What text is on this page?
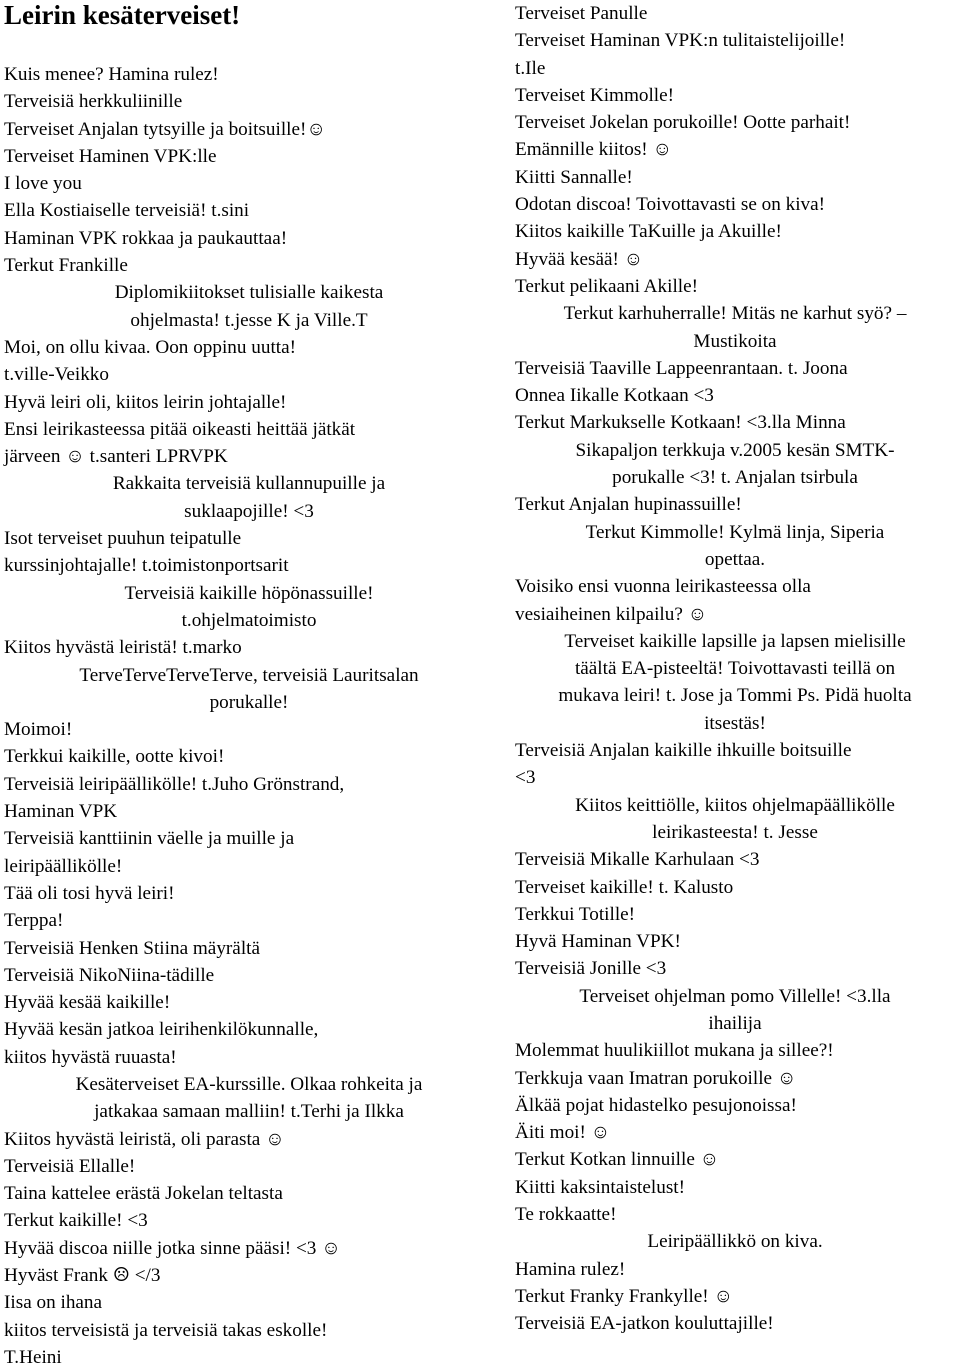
Leirin kesäterveiset!
Kuis menee? Hamina rulez!
Terveisiä herkkuliinille
Terveiset Anjalan tytsyille ja boitsuille!☺
Terveiset Haminen VPK:lle
I love you
Ella Kostiaiselle terveisiä! t.sini
Haminan VPK rokkaa ja paukauttaa!
Terkut Frankille
Diplomikiitokset tulisialle kaikesta
ohjelmasta! t.jesse K ja Ville.T
Moi, on ollu kivaa. Oon oppinu uutta!
t.ville-Veikko
Hyvä leiri oli, kiitos leirin johtajalle!
Ensi leirikasteessa pitää oikeasti heittää jätkät
järveen ☺ t.santeri LPRVPK
Rakkaita terveisiä kullannupuille ja
suklaapojille! <3
Isot terveiset puuhun teipatulle
kurssinjohtajalle! t.toimistonportsarit
Terveisiä kaikille höpönassuille!
t.ohjelmatoimisto
Kiitos hyvästä leiristä! t.marko
TerveTerveTerveTerve, terveisiä Lauritsalan
porukalle!
Moimoi!
Terkkui kaikille, ootte kivoi!
Terveisiä leiripäällikölle! t.Juho Grönstrand,
Haminan VPK
Terveisiä kanttiinin väelle ja muille ja
leiripäällikölle!
Tää oli tosi hyvä leiri!
Terppa!
Terveisiä Henken Stiina mäyrältä
Terveisiä NikoNiina-tädille
Hyvää kesää kaikille!
Hyvää kesän jatkoa leirihenkilökunnalle,
kiitos hyvästä ruuasta!
Kesäterveiset EA-kurssille. Olkaa rohkeita ja
jatkakaa samaan malliin! t.Terhi ja Ilkka
Kiitos hyvästä leiristä, oli parasta ☺
Terveisiä Ellalle!
Taina kattelee erästä Jokelan teltasta
Terkut kaikille! <3
Hyvää discoa niille jotka sinne pääsi! <3 ☺
Hyväst Frank ☹ </3
Iisa on ihana
kiitos terveisistä ja terveisiä takas eskolle!
T.Heini
Terveiset Panulle
Terveiset Haminan VPK:n tulitaistelijoille!
t.Ile
Terveiset Kimmolle!
Terveiset Jokelan porukoille! Ootte parhait!
Emännille kiitos! ☺
Kiitti Sannalle!
Odotan discoa! Toivottavasti se on kiva!
Kiitos kaikille TaKuille ja Akuille!
Hyvää kesää! ☺
Terkut pelikaani Akille!
Terkut karhuherralle! Mitäs ne karhut syö? –
Mustikoita
Terveisiä Taaville Lappeenrantaan. t. Joona
Onnea Iikalle Kotkaan <3
Terkut Markukselle Kotkaan! <3.lla Minna
Sikapaljon terkkuja v.2005 kesän SMTK-
porukalle <3! t. Anjalan tsirbula
Terkut Anjalan hupinassuille!
Terkut Kimmolle! Kylmä linja, Siperia
opettaa.
Voisiko ensi vuonna leirikasteessa olla
vesiaiheinen kilpailu? ☺
Terveiset kaikille lapsille ja lapsen mielisille
täältä EA-pisteeltä! Toivottavasti teillä on
mukava leiri! t. Jose ja Tommi Ps. Pidä huolta
itsestäs!
Terveisiä Anjalan kaikille ihkuille boitsuille
<3
Kiitos keittiölle, kiitos ohjelmapäällikölle
leirikasteesta! t. Jesse
Terveisiä Mikalle Karhulaan <3
Terveiset kaikille! t. Kalusto
Terkkui Totille!
Hyvä Haminan VPK!
Terveisiä Jonille <3
Terveiset ohjelman pomo Villelle! <3.lla
ihailija
Molemmat huulikiillot mukana ja sillee?!
Terkkuja vaan Imatran porukoille ☺
Älkää pojat hidastelko pesujonoissa!
Äiti moi! ☺
Terkut Kotkan linnuille ☺
Kiitti kaksintaistelust!
Te rokkaatte!
Leiripäällikkö on kiva.
Hamina rulez!
Terkut Franky Frankylle! ☺
Terveisiä EA-jatkon kouluttajille!
